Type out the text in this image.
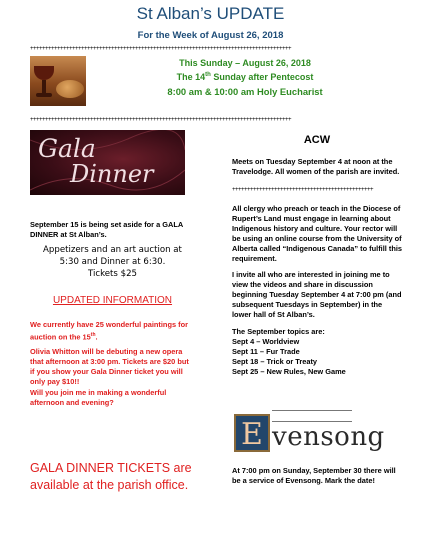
St Alban’s UPDATE
For the Week of August 26, 2018
+++++++++++++++++++++++++++++++++++++++++++++++++++++++++++++++++++++++++++++++++++++++
This Sunday – August 26, 2018
The 14th Sunday after Pentecost
8:00 am & 10:00 am Holy Eucharist
+++++++++++++++++++++++++++++++++++++++++++++++++++++++++++++++++++++++++++++++++++++++
Gala
Dinner
September 15 is being set aside for a GALA DINNER at St Alban’s.
Appetizers and an art auction at
5:30 and Dinner at 6:30.
Tickets $25
UPDATED INFORMATION
We currently have 25 wonderful paintings for auction on the 15th.
Olivia Whitton will be debuting a new opera that afternoon at 3:00 pm. Tickets are $20 but if you show your Gala Dinner ticket you will only pay $10!!
Will you join me in making a wonderful afternoon and evening?
GALA DINNER TICKETS are available at the parish office.
ACW
Meets on Tuesday September 4 at noon at the Travelodge. All women of the parish are invited.
+++++++++++++++++++++++++++++++++++++++++++++++
All clergy who preach or teach in the Diocese of Rupert’s Land must engage in learning about Indigenous history and culture. Your rector will be using an online course from the University of Alberta called “Indigenous Canada” to fulfill this requirement.
I invite all who are interested in joining me to view the videos and share in discussion beginning Tuesday September 4 at 7:00 pm (and subsequent Tuesdays in September) in the lower hall of St Alban’s.
The September topics are:
Sept 4 – Worldview
Sept 11 – Fur Trade
Sept 18 – Trick or Treaty
Sept 25 – New Rules, New Game
E vensong
At 7:00 pm on Sunday, September 30 there will be a service of Evensong. Mark the date!
